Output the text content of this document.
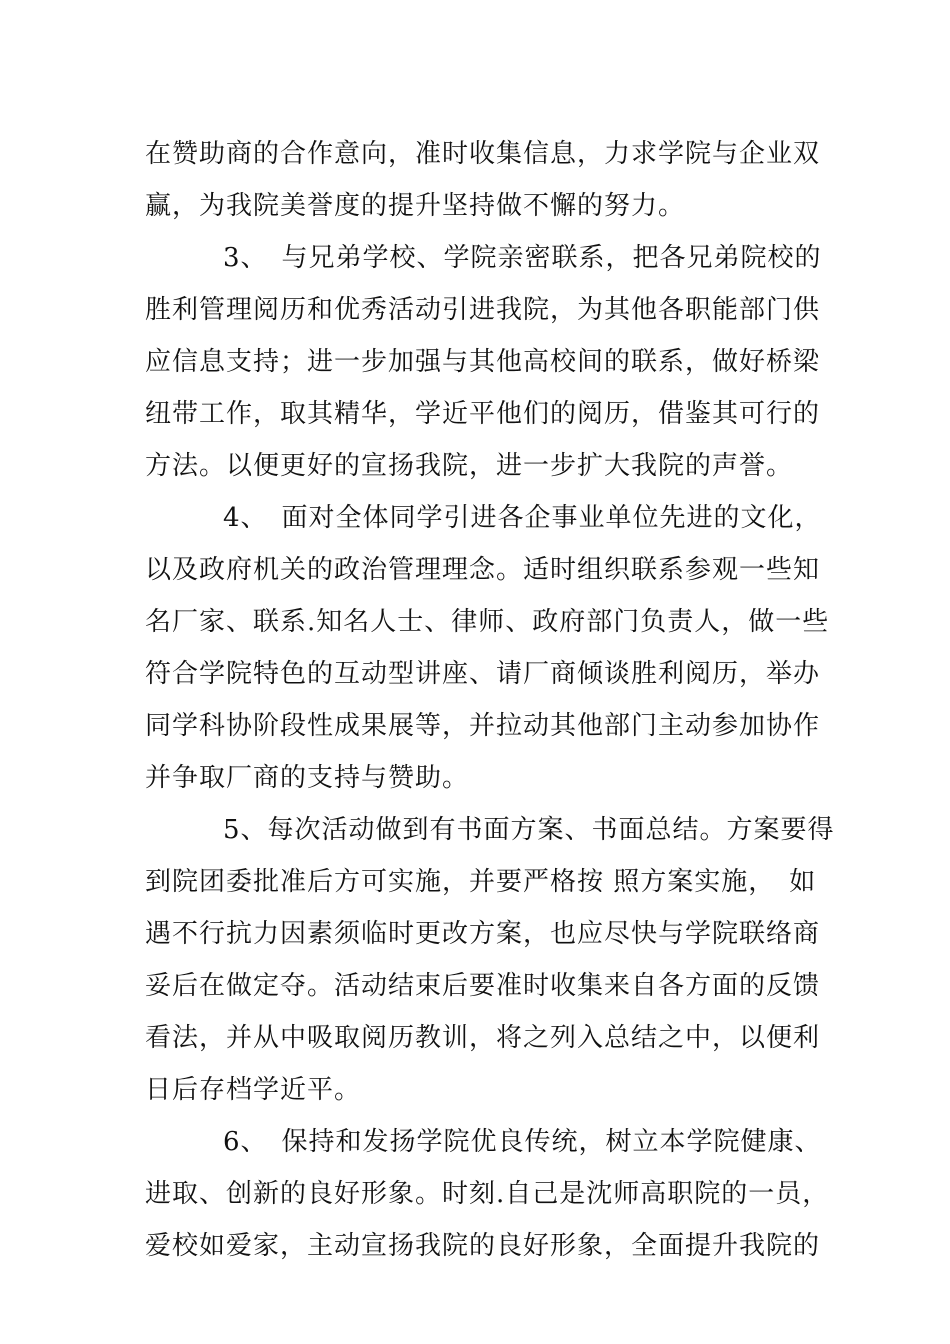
在赞助商的合作意向，准时收集信息，力求学院与企业双
赢，为我院美誉度的提升坚持做不懈的努力。
3、　与兄弟学校、学院亲密联系，把各兄弟院校的
胜利管理阅历和优秀活动引进我院，为其他各职能部门供
应信息支持；进一步加强与其他高校间的联系，做好桥梁
纽带工作，取其精华，学近平他们的阅历，借鉴其可行的
方法。以便更好的宣扬我院，进一步扩大我院的声誉。
4、　面对全体同学引进各企事业单位先进的文化，
以及政府机关的政治管理理念。适时组织联系参观一些知
名厂家、联系.知名人士、律师、政府部门负责人，做一些
符合学院特色的互动型讲座、请厂商倾谈胜利阅历，举办
同学科协阶段性成果展等，并拉动其他部门主动参加协作
并争取厂商的支持与赞助。
5、每次活动做到有书面方案、书面总结。方案要得
到院团委批准后方可实施，并要严格按 照方案实施，　如
遇不行抗力因素须临时更改方案，也应尽快与学院联络商
妥后在做定夺。活动结束后要准时收集来自各方面的反馈
看法，并从中吸取阅历教训，将之列入总结之中，以便利
日后存档学近平。
6、　保持和发扬学院优良传统，树立本学院健康、
进取、创新的良好形象。时刻.自己是沈师高职院的一员，
爱校如爱家，主动宣扬我院的良好形象，全面提升我院的
